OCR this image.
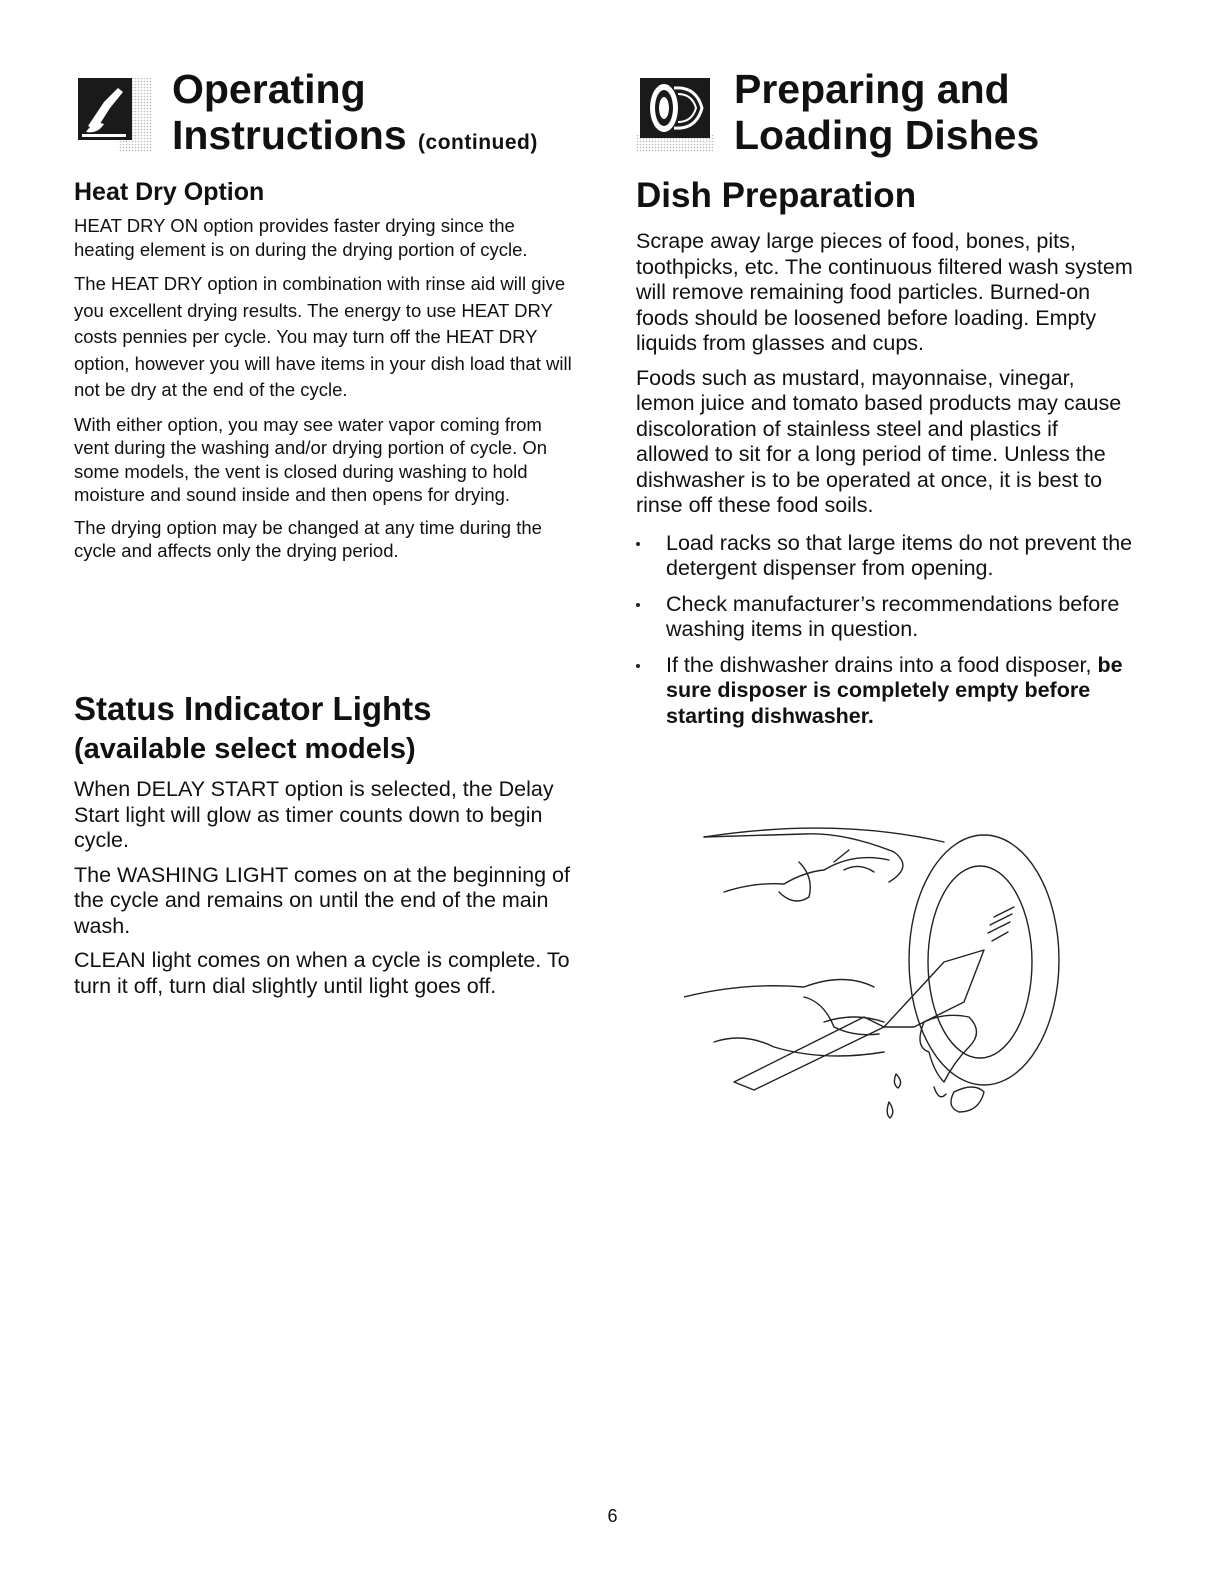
Operating
Instructions (continued)
Heat Dry Option

HEAT DRY ON option provides faster drying since the heating element is on during the drying portion of cycle.

The HEAT DRY option in combination with rinse aid will give you excellent drying results. The energy to use HEAT DRY costs pennies per cycle. You may turn off the HEAT DRY option, however you will have items in your dish load that will not be dry at the end of the cycle.

With either option, you may see water vapor coming from vent during the washing and/or drying portion of cycle. On some models, the vent is closed during washing to hold moisture and sound inside and then opens for drying.

The drying option may be changed at any time during the cycle and affects only the drying period.

Status Indicator Lights
(available select models)

When DELAY START option is selected, the Delay Start light will glow as timer counts down to begin cycle.

The WASHING LIGHT comes on at the beginning of the cycle and remains on until the end of the main wash.

CLEAN light comes on when a cycle is complete. To turn it off, turn dial slightly until light goes off.

Preparing and
Loading Dishes
Dish Preparation

Scrape away large pieces of food, bones, pits, toothpicks, etc. The continuous filtered wash system will remove remaining food particles. Burned-on foods should be loosened before loading. Empty liquids from glasses and cups.

Foods such as mustard, mayonnaise, vinegar, lemon juice and tomato based products may cause discoloration of stainless steel and plastics if allowed to sit for a long period of time. Unless the dishwasher is to be operated at once, it is best to rinse off these food soils.

Load racks so that large items do not prevent the detergent dispenser from opening.
Check manufacturer’s recommendations before washing items in question.
If the dishwasher drains into a food disposer, be sure disposer is completely empty before starting dishwasher.
6
